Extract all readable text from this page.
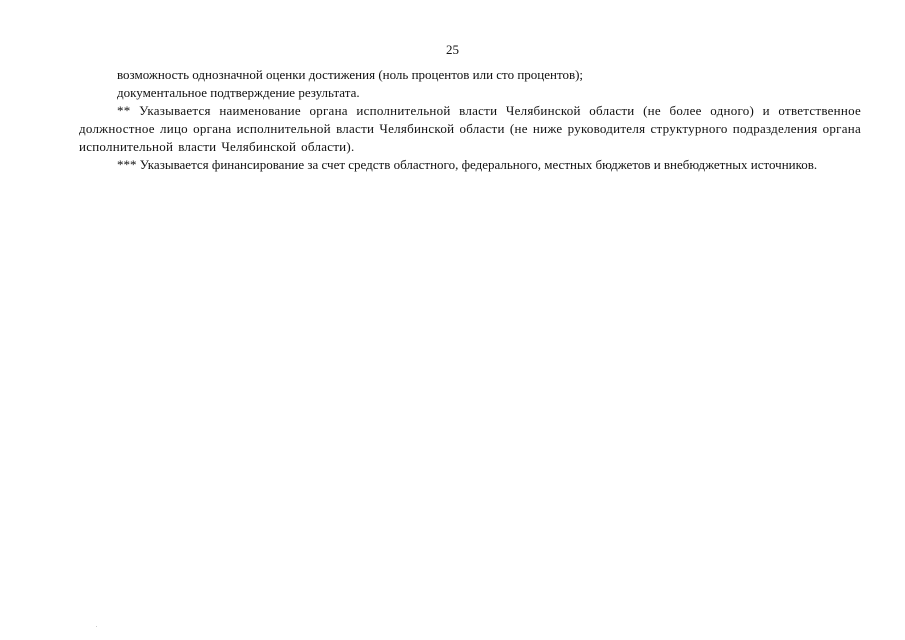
25

возможность однозначной оценки достижения (ноль процентов или сто процентов);

документальное подтверждение результата.

** Указывается наименование органа исполнительной власти Челябинской области (не более одного) и ответственное должностное лицо органа исполнительной власти Челябинской области (не ниже руководителя структурного подразделения органа исполнительной власти Челябинской области).

*** Указывается финансирование за счет средств областного, федерального, местных бюджетов и внебюджетных источников.
